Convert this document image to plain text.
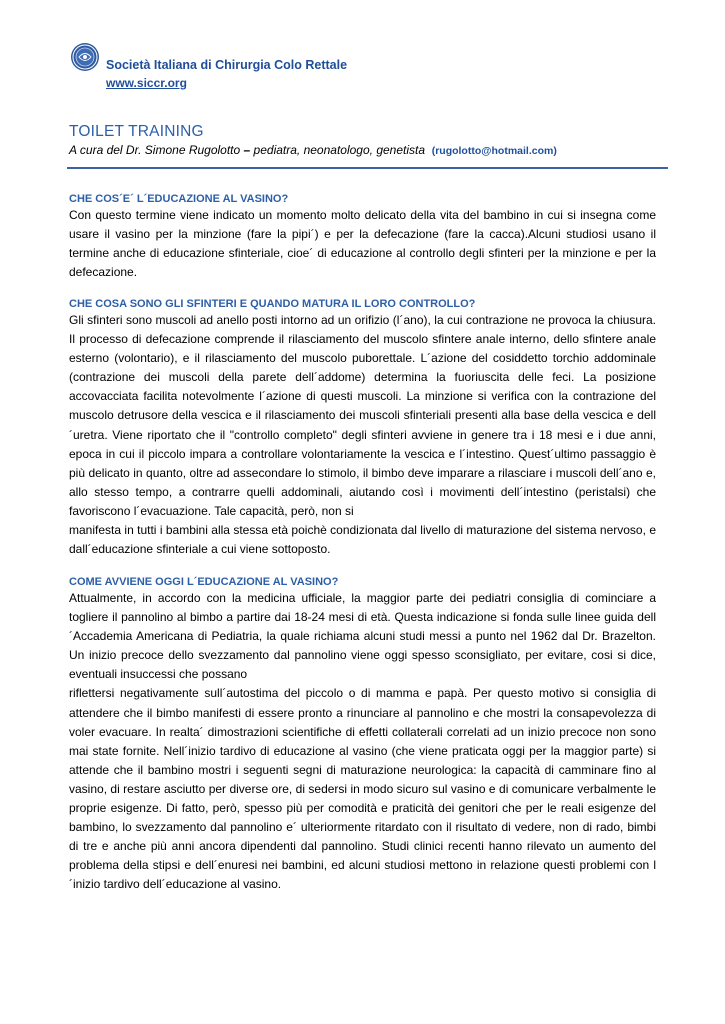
Società Italiana di Chirurgia Colo Rettale
www.siccr.org
TOILET TRAINING
A cura del Dr. Simone Rugolotto – pediatra, neonatologo, genetista (rugolotto@hotmail.com)

CHE COS´E´ L´EDUCAZIONE AL VASINO?

Con questo termine viene indicato un momento molto delicato della vita del bambino in cui si insegna come usare il vasino per la minzione (fare la pipi´) e per la defecazione (fare la cacca).Alcuni studiosi usano il termine anche di educazione sfinteriale, cioe´ di educazione al controllo degli sfinteri per la minzione e per la defecazione.

CHE COSA SONO GLI SFINTERI E QUANDO MATURA IL LORO CONTROLLO?

Gli sfinteri sono muscoli ad anello posti intorno ad un orifizio (l´ano), la cui contrazione ne provoca la chiusura. Il processo di defecazione comprende il rilasciamento del muscolo sfintere anale interno, dello sfintere anale esterno (volontario), e il rilasciamento del muscolo puborettale. L´azione del cosiddetto torchio addominale (contrazione dei muscoli della parete dell´addome) determina la fuoriuscita delle feci. La posizione accovacciata facilita notevolmente l´azione di questi muscoli. La minzione si verifica con la contrazione del muscolo detrusore della vescica e il rilasciamento dei muscoli sfinteriali presenti alla base della vescica e dell´uretra. Viene riportato che il "controllo completo" degli sfinteri avviene in genere tra i 18 mesi e i due anni, epoca in cui il piccolo impara a controllare volontariamente la vescica e l´intestino. Quest´ultimo passaggio è più delicato in quanto, oltre ad assecondare lo stimolo, il bimbo deve imparare a rilasciare i muscoli dell´ano e, allo stesso tempo, a contrarre quelli addominali, aiutando così i movimenti dell´intestino (peristalsi) che favoriscono l´evacuazione. Tale capacità, però, non si

manifesta in tutti i bambini alla stessa età poichè condizionata dal livello di maturazione del sistema nervoso, e dall´educazione sfinteriale a cui viene sottoposto.

COME AVVIENE OGGI L´EDUCAZIONE AL VASINO?

Attualmente, in accordo con la medicina ufficiale, la maggior parte dei pediatri consiglia di cominciare a togliere il pannolino al bimbo a partire dai 18-24 mesi di età. Questa indicazione si fonda sulle linee guida dell´Accademia Americana di Pediatria, la quale richiama alcuni studi messi a punto nel 1962 dal Dr. Brazelton. Un inizio precoce dello svezzamento dal pannolino viene oggi spesso sconsigliato, per evitare, cosi si dice, eventuali insuccessi che possano

riflettersi negativamente sull´autostima del piccolo o di mamma e papà. Per questo motivo si consiglia di attendere che il bimbo manifesti di essere pronto a rinunciare al pannolino e che mostri la consapevolezza di voler evacuare. In realta´ dimostrazioni scientifiche di effetti collaterali correlati ad un inizio precoce non sono mai state fornite. Nell´inizio tardivo di educazione al vasino (che viene praticata oggi per la maggior parte) si attende che il bambino mostri i seguenti segni di maturazione neurologica: la capacità di camminare fino al vasino, di restare asciutto per diverse ore, di sedersi in modo sicuro sul vasino e di comunicare verbalmente le proprie esigenze. Di fatto, però, spesso più per comodità e praticità dei genitori che per le reali esigenze del bambino, lo svezzamento dal pannolino e´ ulteriormente ritardato con il risultato di vedere, non di rado, bimbi di tre e anche più anni ancora dipendenti dal pannolino. Studi clinici recenti hanno rilevato un aumento del problema della stipsi e dell´enuresi nei bambini, ed alcuni studiosi mettono in relazione questi problemi con l´inizio tardivo dell´educazione al vasino.
